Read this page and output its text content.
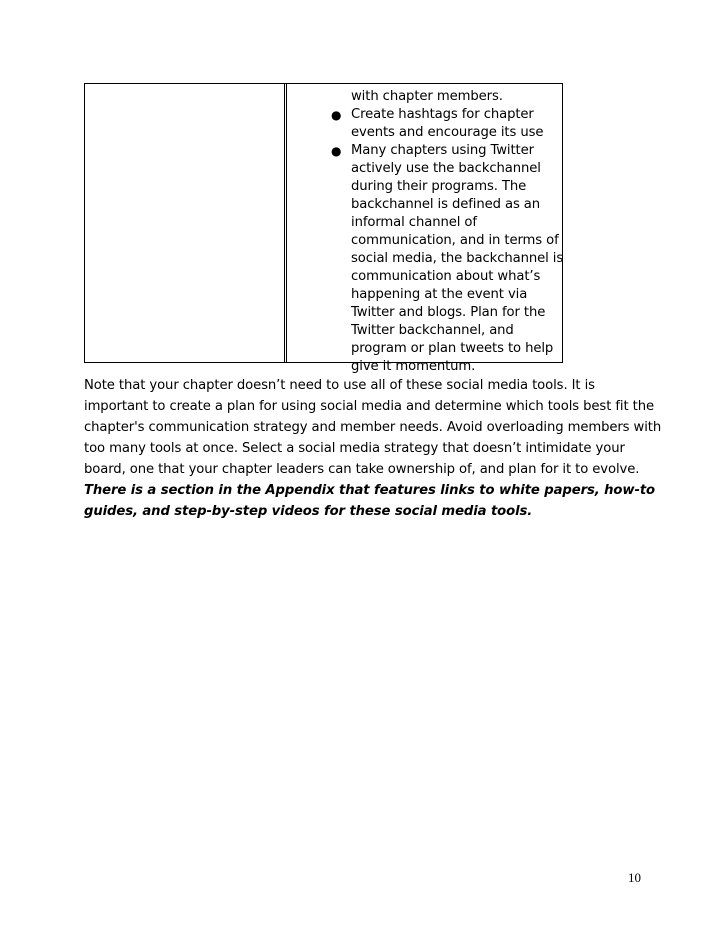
with chapter members.
● Create hashtags for chapter
events and encourage its use
● Many chapters using Twitter
actively use the backchannel
during their programs. The
backchannel is defined as an
informal channel of
communication, and in terms of
social media, the backchannel is
communication about what’s
happening at the event via
Twitter and blogs. Plan for the
Twitter backchannel, and
program or plan tweets to help
give it momentum.
Note that your chapter doesn’t need to use all of these social media tools. It is
important to create a plan for using social media and determine which tools best fit the
chapter's communication strategy and member needs. Avoid overloading members with
too many tools at once. Select a social media strategy that doesn’t intimidate your
board, one that your chapter leaders can take ownership of, and plan for it to evolve.
There is a section in the Appendix that features links to white papers, how-to
guides, and step-by-step videos for these social media tools.
10
